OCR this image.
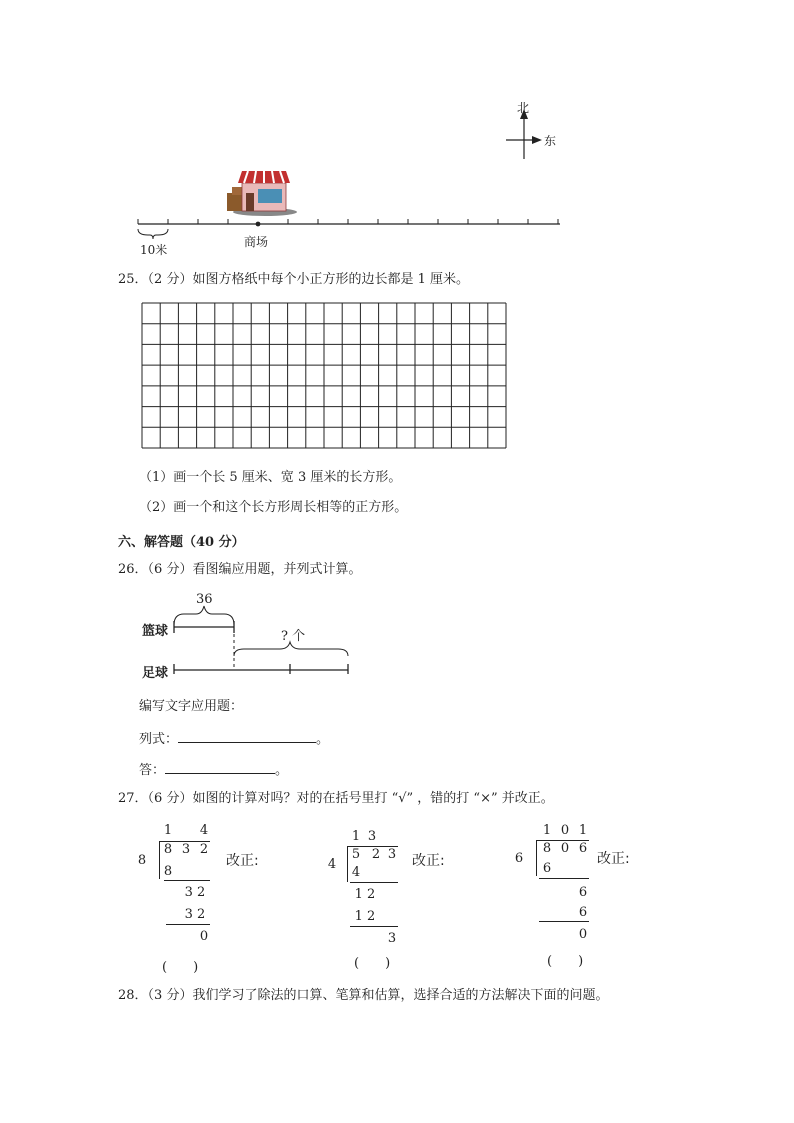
北
东
商场
10米
25．（2 分）如图方格纸中每个小正方形的边长都是 1 厘米。
（1）画一个长 5 厘米、宽 3 厘米的长方形。
（2）画一个和这个长方形周长相等的正方形。
六、解答题（40 分）
26．（6 分）看图编应用题，并列式计算。
36
? 个
篮球
足球
编写文字应用题：
列式：	。
答：	。
27．（6 分）如图的计算对吗？对的在括号里打 “√” ，错的打 “×” 并改正。
8
1 4
8 3 2
8
3 2
3 2
0
(　　)
改正:	4
1 3
5 2 3
4
1 2
1 2
3
(　　)
改正:	6
1 0 1
8 0 6
6
6
6
0
(　　)
改正:
28．（3 分）我们学习了除法的口算、笔算和估算，选择合适的方法解决下面的问题。
